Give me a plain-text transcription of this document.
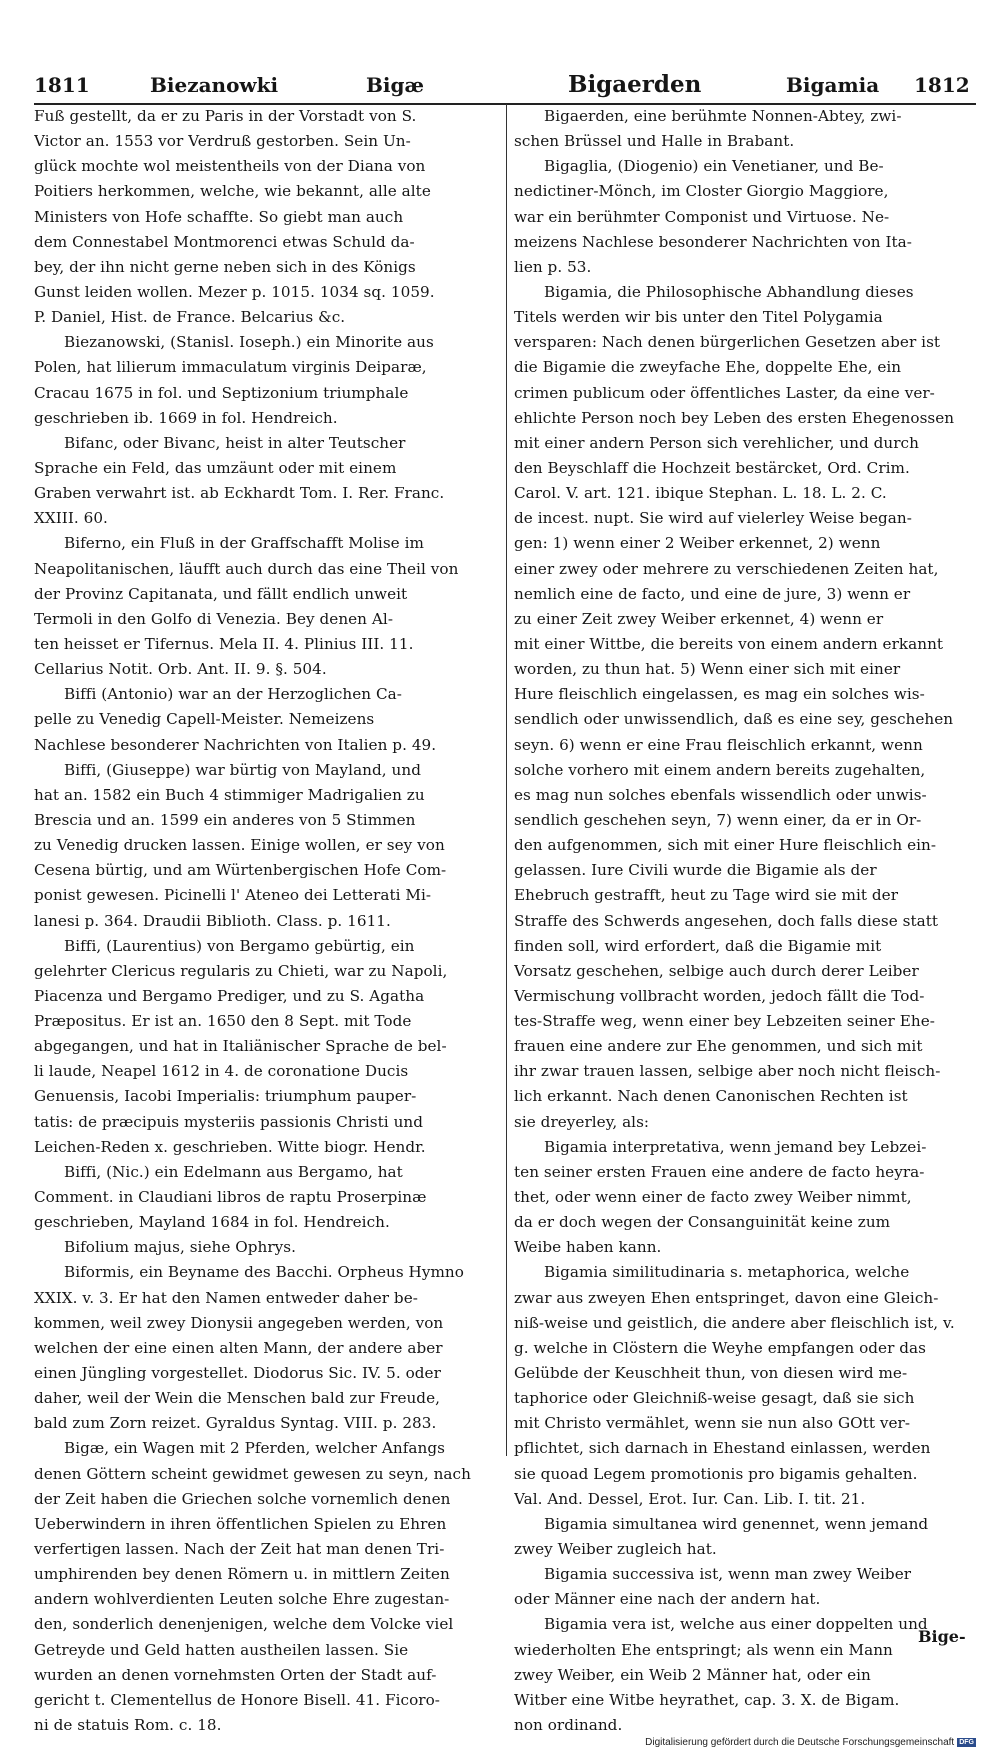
1811	Biezanowki	Bigæ	Bigaerden	Bigamia 1812
Fuß gestellt, da er zu Paris in der Vorstadt von S.
Victor an. 1553 vor Verdruß gestorben. Sein Un-
glück mochte wol meistentheils von der Diana von
Poitiers herkommen, welche, wie bekannt, alle alte
Ministers von Hofe schaffte. So giebt man auch
dem Connestabel Montmorenci etwas Schuld da-
bey, der ihn nicht gerne neben sich in des Königs
Gunst leiden wollen. Mezer p. 1015. 1034 sq. 1059.
P. Daniel, Hist. de France. Belcarius &c.
Biezanowski, (Stanisl. Ioseph.) ein Minorite aus
Polen, hat lilierum immaculatum virginis Deiparæ,
Cracau 1675 in fol. und Septizonium triumphale
geschrieben ib. 1669 in fol. Hendreich.
Bifanc, oder Bivanc, heist in alter Teutscher
Sprache ein Feld, das umzäunt oder mit einem
Graben verwahrt ist. ab Eckhardt Tom. I. Rer. Franc.
XXIII. 60.
Biferno, ein Fluß in der Graffschafft Molise im
Neapolitanischen, läufft auch durch das eine Theil von
der Provinz Capitanata, und fällt endlich unweit
Termoli in den Golfo di Venezia. Bey denen Al-
ten heisset er Tifernus. Mela II. 4. Plinius III. 11.
Cellarius Notit. Orb. Ant. II. 9. §. 504.
Biffi (Antonio) war an der Herzoglichen Ca-
pelle zu Venedig Capell-Meister. Nemeizens
Nachlese besonderer Nachrichten von Italien p. 49.
Biffi, (Giuseppe) war bürtig von Mayland, und
hat an. 1582 ein Buch 4 stimmiger Madrigalien zu
Brescia und an. 1599 ein anderes von 5 Stimmen
zu Venedig drucken lassen. Einige wollen, er sey von
Cesena bürtig, und am Würtenbergischen Hofe Com-
ponist gewesen. Picinelli l' Ateneo dei Letterati Mi-
lanesi p. 364. Draudii Biblioth. Class. p. 1611.
Biffi, (Laurentius) von Bergamo gebürtig, ein
gelehrter Clericus regularis zu Chieti, war zu Napoli,
Piacenza und Bergamo Prediger, und zu S. Agatha
Præpositus. Er ist an. 1650 den 8 Sept. mit Tode
abgegangen, und hat in Italiänischer Sprache de bel-
li laude, Neapel 1612 in 4. de coronatione Ducis
Genuensis, Iacobi Imperialis: triumphum pauper-
tatis: de præcipuis mysteriis passionis Christi und
Leichen-Reden x. geschrieben. Witte biogr. Hendr.
Biffi, (Nic.) ein Edelmann aus Bergamo, hat
Comment. in Claudiani libros de raptu Proserpinæ
geschrieben, Mayland 1684 in fol. Hendreich.
Bifolium majus, siehe Ophrys.
Biformis, ein Beyname des Bacchi. Orpheus Hymno
XXIX. v. 3. Er hat den Namen entweder daher be-
kommen, weil zwey Dionysii angegeben werden, von
welchen der eine einen alten Mann, der andere aber
einen Jüngling vorgestellet. Diodorus Sic. IV. 5. oder
daher, weil der Wein die Menschen bald zur Freude,
bald zum Zorn reizet. Gyraldus Syntag. VIII. p. 283.
Bigæ, ein Wagen mit 2 Pferden, welcher Anfangs
denen Göttern scheint gewidmet gewesen zu seyn, nach
der Zeit haben die Griechen solche vornemlich denen
Ueberwindern in ihren öffentlichen Spielen zu Ehren
verfertigen lassen. Nach der Zeit hat man denen Tri-
umphirenden bey denen Römern u. in mittlern Zeiten
andern wohlverdienten Leuten solche Ehre zugestan-
den, sonderlich denenjenigen, welche dem Volcke viel
Getreyde und Geld hatten austheilen lassen. Sie
wurden an denen vornehmsten Orten der Stadt auf-
gericht t. Clementellus de Honore Bisell. 41. Ficoro-
ni de statuis Rom. c. 18.
Bigaerden, eine berühmte Nonnen-Abtey, zwi-
schen Brüssel und Halle in Brabant.
Bigaglia, (Diogenio) ein Venetianer, und Be-
nedictiner-Mönch, im Closter Giorgio Maggiore,
war ein berühmter Componist und Virtuose. Ne-
meizens Nachlese besonderer Nachrichten von Ita-
lien p. 53.
Bigamia, die Philosophische Abhandlung dieses
Titels werden wir bis unter den Titel Polygamia
versparen: Nach denen bürgerlichen Gesetzen aber ist
die Bigamie die zweyfache Ehe, doppelte Ehe, ein
crimen publicum oder öffentliches Laster, da eine ver-
ehlichte Person noch bey Leben des ersten Ehegenossen
mit einer andern Person sich verehlicher, und durch
den Beyschlaff die Hochzeit bestärcket, Ord. Crim.
Carol. V. art. 121. ibique Stephan. L. 18. L. 2. C.
de incest. nupt. Sie wird auf vielerley Weise began-
gen: 1) wenn einer 2 Weiber erkennet, 2) wenn
einer zwey oder mehrere zu verschiedenen Zeiten hat,
nemlich eine de facto, und eine de jure, 3) wenn er
zu einer Zeit zwey Weiber erkennet, 4) wenn er
mit einer Wittbe, die bereits von einem andern erkannt
worden, zu thun hat. 5) Wenn einer sich mit einer
Hure fleischlich eingelassen, es mag ein solches wis-
sendlich oder unwissendlich, daß es eine sey, geschehen
seyn. 6) wenn er eine Frau fleischlich erkannt, wenn
solche vorhero mit einem andern bereits zugehalten,
es mag nun solches ebenfals wissendlich oder unwis-
sendlich geschehen seyn, 7) wenn einer, da er in Or-
den aufgenommen, sich mit einer Hure fleischlich ein-
gelassen. Iure Civili wurde die Bigamie als der
Ehebruch gestrafft, heut zu Tage wird sie mit der
Straffe des Schwerds angesehen, doch falls diese statt
finden soll, wird erfordert, daß die Bigamie mit
Vorsatz geschehen, selbige auch durch derer Leiber
Vermischung vollbracht worden, jedoch fällt die Tod-
tes-Straffe weg, wenn einer bey Lebzeiten seiner Ehe-
frauen eine andere zur Ehe genommen, und sich mit
ihr zwar trauen lassen, selbige aber noch nicht fleisch-
lich erkannt. Nach denen Canonischen Rechten ist
sie dreyerley, als:
Bigamia interpretativa, wenn jemand bey Lebzei-
ten seiner ersten Frauen eine andere de facto heyra-
thet, oder wenn einer de facto zwey Weiber nimmt,
da er doch wegen der Consanguinität keine zum
Weibe haben kann.
Bigamia similitudinaria s. metaphorica, welche
zwar aus zweyen Ehen entspringet, davon eine Gleich-
niß-weise und geistlich, die andere aber fleischlich ist, v.
g. welche in Clöstern die Weyhe empfangen oder das
Gelübde der Keuschheit thun, von diesen wird me-
taphorice oder Gleichniß-weise gesagt, daß sie sich
mit Christo vermählet, wenn sie nun also GOtt ver-
pflichtet, sich darnach in Ehestand einlassen, werden
sie quoad Legem promotionis pro bigamis gehalten.
Val. And. Dessel, Erot. Iur. Can. Lib. I. tit. 21.
Bigamia simultanea wird genennet, wenn jemand
zwey Weiber zugleich hat.
Bigamia successiva ist, wenn man zwey Weiber
oder Männer eine nach der andern hat.
Bigamia vera ist, welche aus einer doppelten und
wiederholten Ehe entspringt; als wenn ein Mann
zwey Weiber, ein Weib 2 Männer hat, oder ein
Witber eine Witbe heyrathet, cap. 3. X. de Bigam.
non ordinand.
Bige-
Digitalisierung gefördert durch die Deutsche Forschungsgemeinschaft DFG
